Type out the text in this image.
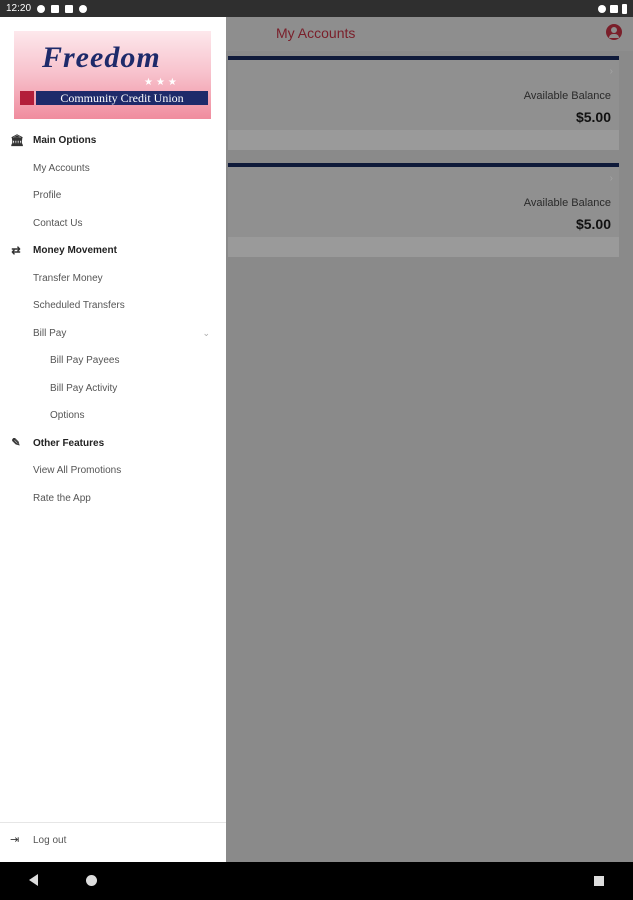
12:20
My Accounts
›
Available Balance
$5.00
›
Available Balance
$5.00
Freedom
★★★
Community Credit Union
🏛 Main Options
My Accounts
Profile
Contact Us
⇄ Money Movement
Transfer Money
Scheduled Transfers
Bill Pay	⌄
Bill Pay Payees
Bill Pay Activity
Options
✎ Other Features
View All Promotions
Rate the App
⇥ Log out
